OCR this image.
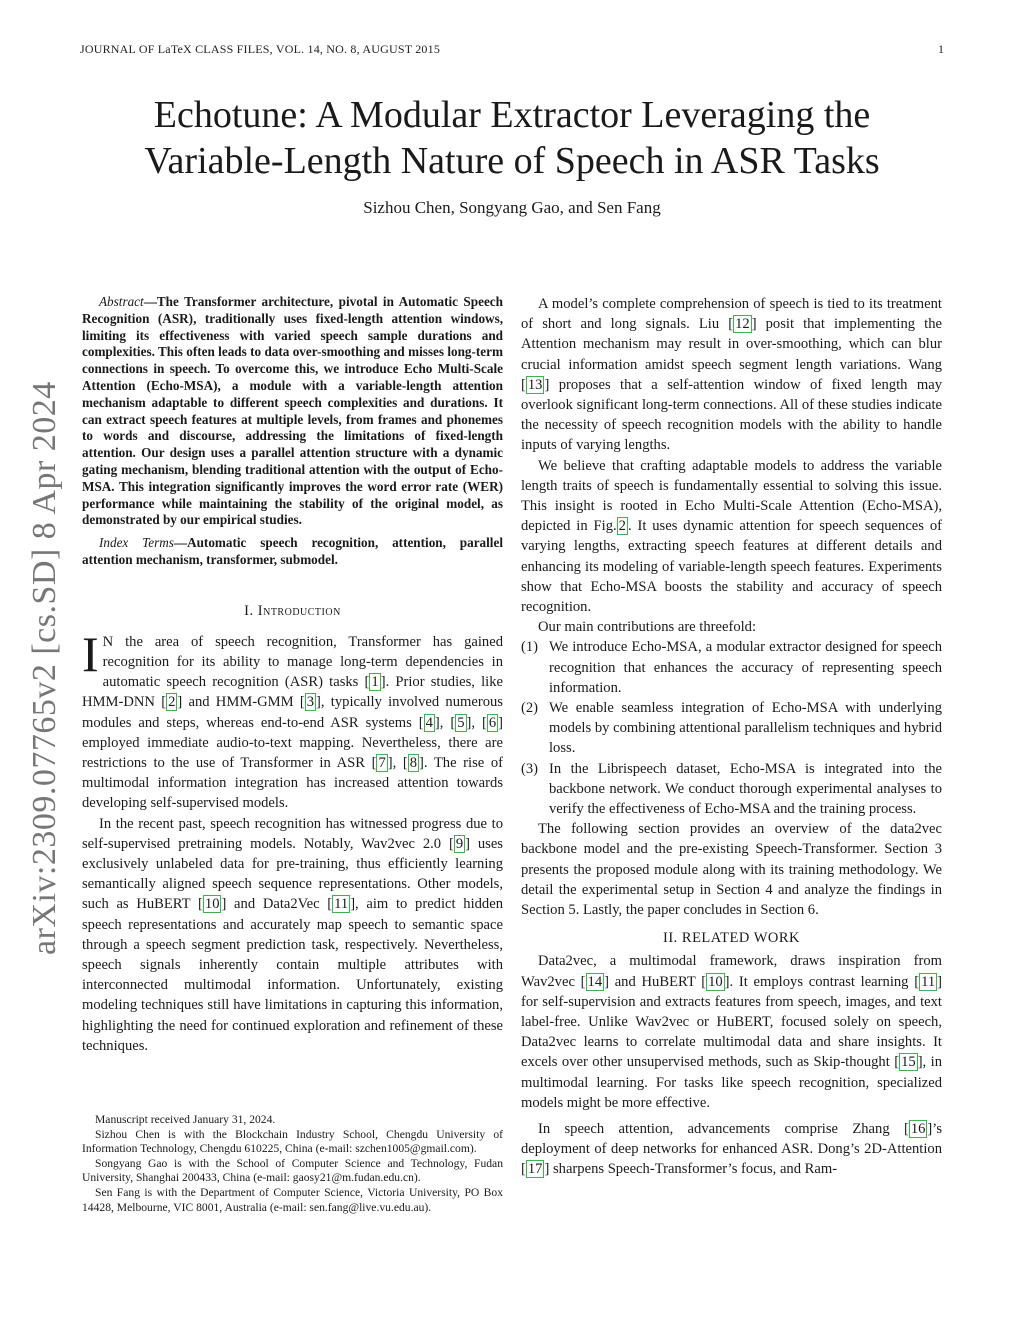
JOURNAL OF LaTeX CLASS FILES, VOL. 14, NO. 8, AUGUST 2015	1
Echotune: A Modular Extractor Leveraging the
Variable-Length Nature of Speech in ASR Tasks
Sizhou Chen, Songyang Gao, and Sen Fang
arXiv:2309.07765v2 [cs.SD] 8 Apr 2024

Abstract—The Transformer architecture, pivotal in Automatic Speech Recognition (ASR), traditionally uses fixed-length attention windows, limiting its effectiveness with varied speech sample durations and complexities. This often leads to data over-smoothing and misses long-term connections in speech. To overcome this, we introduce Echo Multi-Scale Attention (Echo-MSA), a module with a variable-length attention mechanism adaptable to different speech complexities and durations. It can extract speech features at multiple levels, from frames and phonemes to words and discourse, addressing the limitations of fixed-length attention. Our design uses a parallel attention structure with a dynamic gating mechanism, blending traditional attention with the output of Echo-MSA. This integration significantly improves the word error rate (WER) performance while maintaining the stability of the original model, as demonstrated by our empirical studies.

Index Terms—Automatic speech recognition, attention, parallel attention mechanism, transformer, submodel.

I. Introduction

I N the area of speech recognition, Transformer has gained recognition for its ability to manage long-term dependencies in automatic speech recognition (ASR) tasks [ 1 ]. Prior studies, like HMM-DNN [ 2 ] and HMM-GMM [ 3 ], typically involved numerous modules and steps, whereas end-to-end ASR systems [ 4 ], [ 5 ], [ 6 ] employed immediate audio-to-text mapping. Nevertheless, there are restrictions to the use of Transformer in ASR [ 7 ], [ 8 ]. The rise of multimodal information integration has increased attention towards developing self-supervised models.

In the recent past, speech recognition has witnessed progress due to self-supervised pretraining models. Notably, Wav2vec 2.0 [ 9 ] uses exclusively unlabeled data for pre-training, thus efficiently learning semantically aligned speech sequence representations. Other models, such as HuBERT [ 10 ] and Data2Vec [ 11 ], aim to predict hidden speech representations and accurately map speech to semantic space through a speech segment prediction task, respectively. Nevertheless, speech signals inherently contain multiple attributes with interconnected multimodal information. Unfortunately, existing modeling techniques still have limitations in capturing this information, highlighting the need for continued exploration and refinement of these techniques.

Manuscript received January 31, 2024.

Sizhou Chen is with the Blockchain Industry School, Chengdu University of Information Technology, Chengdu 610225, China (e-mail: szchen1005@gmail.com).

Songyang Gao is with the School of Computer Science and Technology, Fudan University, Shanghai 200433, China (e-mail: gaosy21@m.fudan.edu.cn).

Sen Fang is with the Department of Computer Science, Victoria University, PO Box 14428, Melbourne, VIC 8001, Australia (e-mail: sen.fang@live.vu.edu.au).

A model’s complete comprehension of speech is tied to its treatment of short and long signals. Liu [ 12 ] posit that implementing the Attention mechanism may result in over-smoothing, which can blur crucial information amidst speech segment length variations. Wang [ 13 ] proposes that a self-attention window of fixed length may overlook significant long-term connections. All of these studies indicate the necessity of speech recognition models with the ability to handle inputs of varying lengths.

We believe that crafting adaptable models to address the variable length traits of speech is fundamentally essential to solving this issue. This insight is rooted in Echo Multi-Scale Attention (Echo-MSA), depicted in Fig. 2 . It uses dynamic attention for speech sequences of varying lengths, extracting speech features at different details and enhancing its modeling of variable-length speech features. Experiments show that Echo-MSA boosts the stability and accuracy of speech recognition.

Our main contributions are threefold:

(1) We introduce Echo-MSA, a modular extractor designed for speech recognition that enhances the accuracy of representing speech information.
(2) We enable seamless integration of Echo-MSA with underlying models by combining attentional parallelism techniques and hybrid loss.
(3) In the Librispeech dataset, Echo-MSA is integrated into the backbone network. We conduct thorough experimental analyses to verify the effectiveness of Echo-MSA and the training process.

The following section provides an overview of the data2vec backbone model and the pre-existing Speech-Transformer. Section 3 presents the proposed module along with its training methodology. We detail the experimental setup in Section 4 and analyze the findings in Section 5. Lastly, the paper concludes in Section 6.

II. RELATED WORK

Data2vec, a multimodal framework, draws inspiration from Wav2vec [ 14 ] and HuBERT [ 10 ]. It employs contrast learning [ 11 ] for self-supervision and extracts features from speech, images, and text label-free. Unlike Wav2vec or HuBERT, focused solely on speech, Data2vec learns to correlate multimodal data and share insights. It excels over other unsupervised methods, such as Skip-thought [ 15 ], in multimodal learning. For tasks like speech recognition, specialized models might be more effective.

In speech attention, advancements comprise Zhang [ 16 ]’s deployment of deep networks for enhanced ASR. Dong’s 2D-Attention [ 17 ] sharpens Speech-Transformer’s focus, and Ram-
